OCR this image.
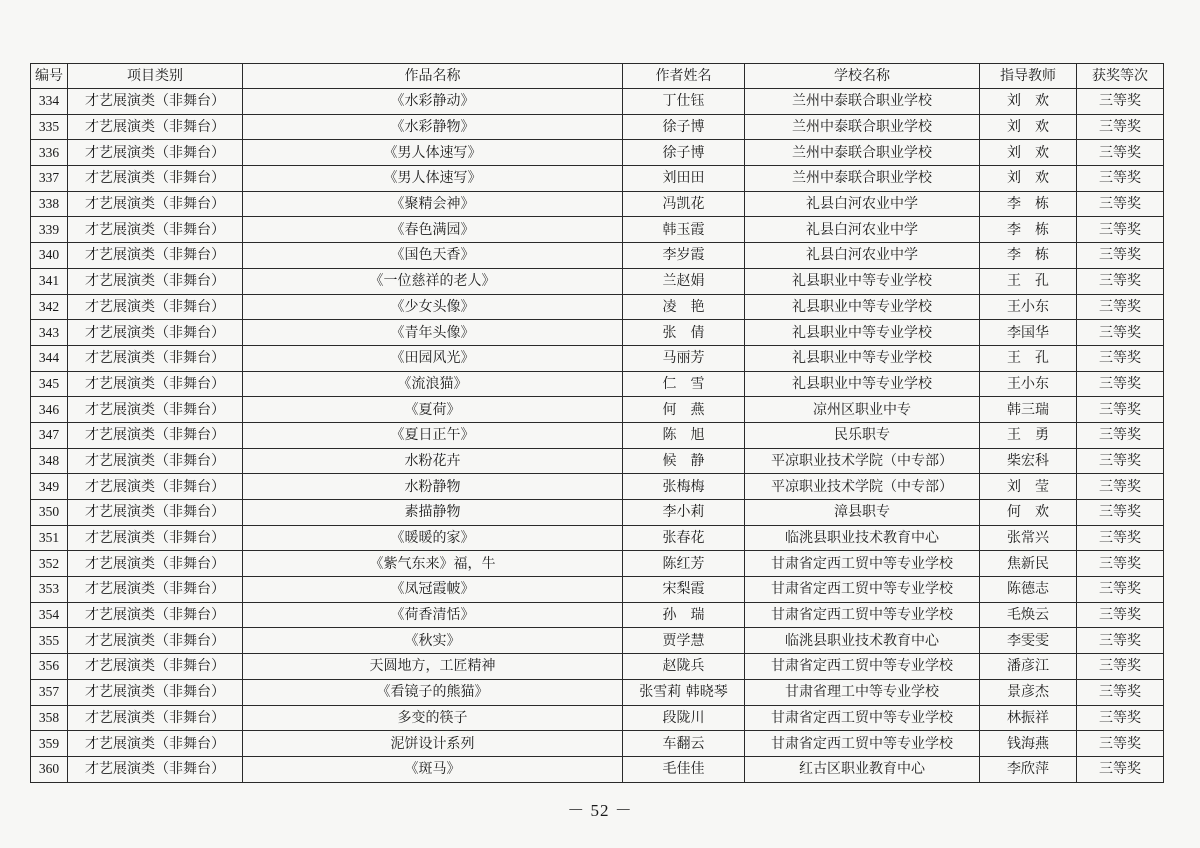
编号	项目类别	作品名称	作者姓名	学校名称	指导教师	获奖等次
334	才艺展演类（非舞台）	《水彩静动》	丁仕钰	兰州中泰联合职业学校	刘　欢	三等奖
335	才艺展演类（非舞台）	《水彩静物》	徐子博	兰州中泰联合职业学校	刘　欢	三等奖
336	才艺展演类（非舞台）	《男人体速写》	徐子博	兰州中泰联合职业学校	刘　欢	三等奖
337	才艺展演类（非舞台）	《男人体速写》	刘田田	兰州中泰联合职业学校	刘　欢	三等奖
338	才艺展演类（非舞台）	《聚精会神》	冯凯花	礼县白河农业中学	李　栋	三等奖
339	才艺展演类（非舞台）	《春色满园》	韩玉霞	礼县白河农业中学	李　栋	三等奖
340	才艺展演类（非舞台）	《国色天香》	李岁霞	礼县白河农业中学	李　栋	三等奖
341	才艺展演类（非舞台）	《一位慈祥的老人》	兰赵娟	礼县职业中等专业学校	王　孔	三等奖
342	才艺展演类（非舞台）	《少女头像》	凌　艳	礼县职业中等专业学校	王小东	三等奖
343	才艺展演类（非舞台）	《青年头像》	张　倩	礼县职业中等专业学校	李国华	三等奖
344	才艺展演类（非舞台）	《田园风光》	马丽芳	礼县职业中等专业学校	王　孔	三等奖
345	才艺展演类（非舞台）	《流浪猫》	仁　雪	礼县职业中等专业学校	王小东	三等奖
346	才艺展演类（非舞台）	《夏荷》	何　燕	凉州区职业中专	韩三瑞	三等奖
347	才艺展演类（非舞台）	《夏日正午》	陈　旭	民乐职专	王　勇	三等奖
348	才艺展演类（非舞台）	水粉花卉	候　静	平凉职业技术学院（中专部）	柴宏科	三等奖
349	才艺展演类（非舞台）	水粉静物	张梅梅	平凉职业技术学院（中专部）	刘　莹	三等奖
350	才艺展演类（非舞台）	素描静物	李小莉	漳县职专	何　欢	三等奖
351	才艺展演类（非舞台）	《暖暖的家》	张春花	临洮县职业技术教育中心	张常兴	三等奖
352	才艺展演类（非舞台）	《紫气东来》福，牛	陈红芳	甘肃省定西工贸中等专业学校	焦新民	三等奖
353	才艺展演类（非舞台）	《凤冠霞帔》	宋梨霞	甘肃省定西工贸中等专业学校	陈德志	三等奖
354	才艺展演类（非舞台）	《荷香清恬》	孙　瑞	甘肃省定西工贸中等专业学校	毛焕云	三等奖
355	才艺展演类（非舞台）	《秋实》	贾学慧	临洮县职业技术教育中心	李雯雯	三等奖
356	才艺展演类（非舞台）	天圆地方，工匠精神	赵陇兵	甘肃省定西工贸中等专业学校	潘彦江	三等奖
357	才艺展演类（非舞台）	《看镜子的熊猫》	张雪莉 韩晓琴	甘肃省理工中等专业学校	景彦杰	三等奖
358	才艺展演类（非舞台）	多变的筷子	段陇川	甘肃省定西工贸中等专业学校	林振祥	三等奖
359	才艺展演类（非舞台）	泥饼设计系列	车翻云	甘肃省定西工贸中等专业学校	钱海燕	三等奖
360	才艺展演类（非舞台）	《斑马》	毛佳佳	红古区职业教育中心	李欣萍	三等奖
－ 52 －
